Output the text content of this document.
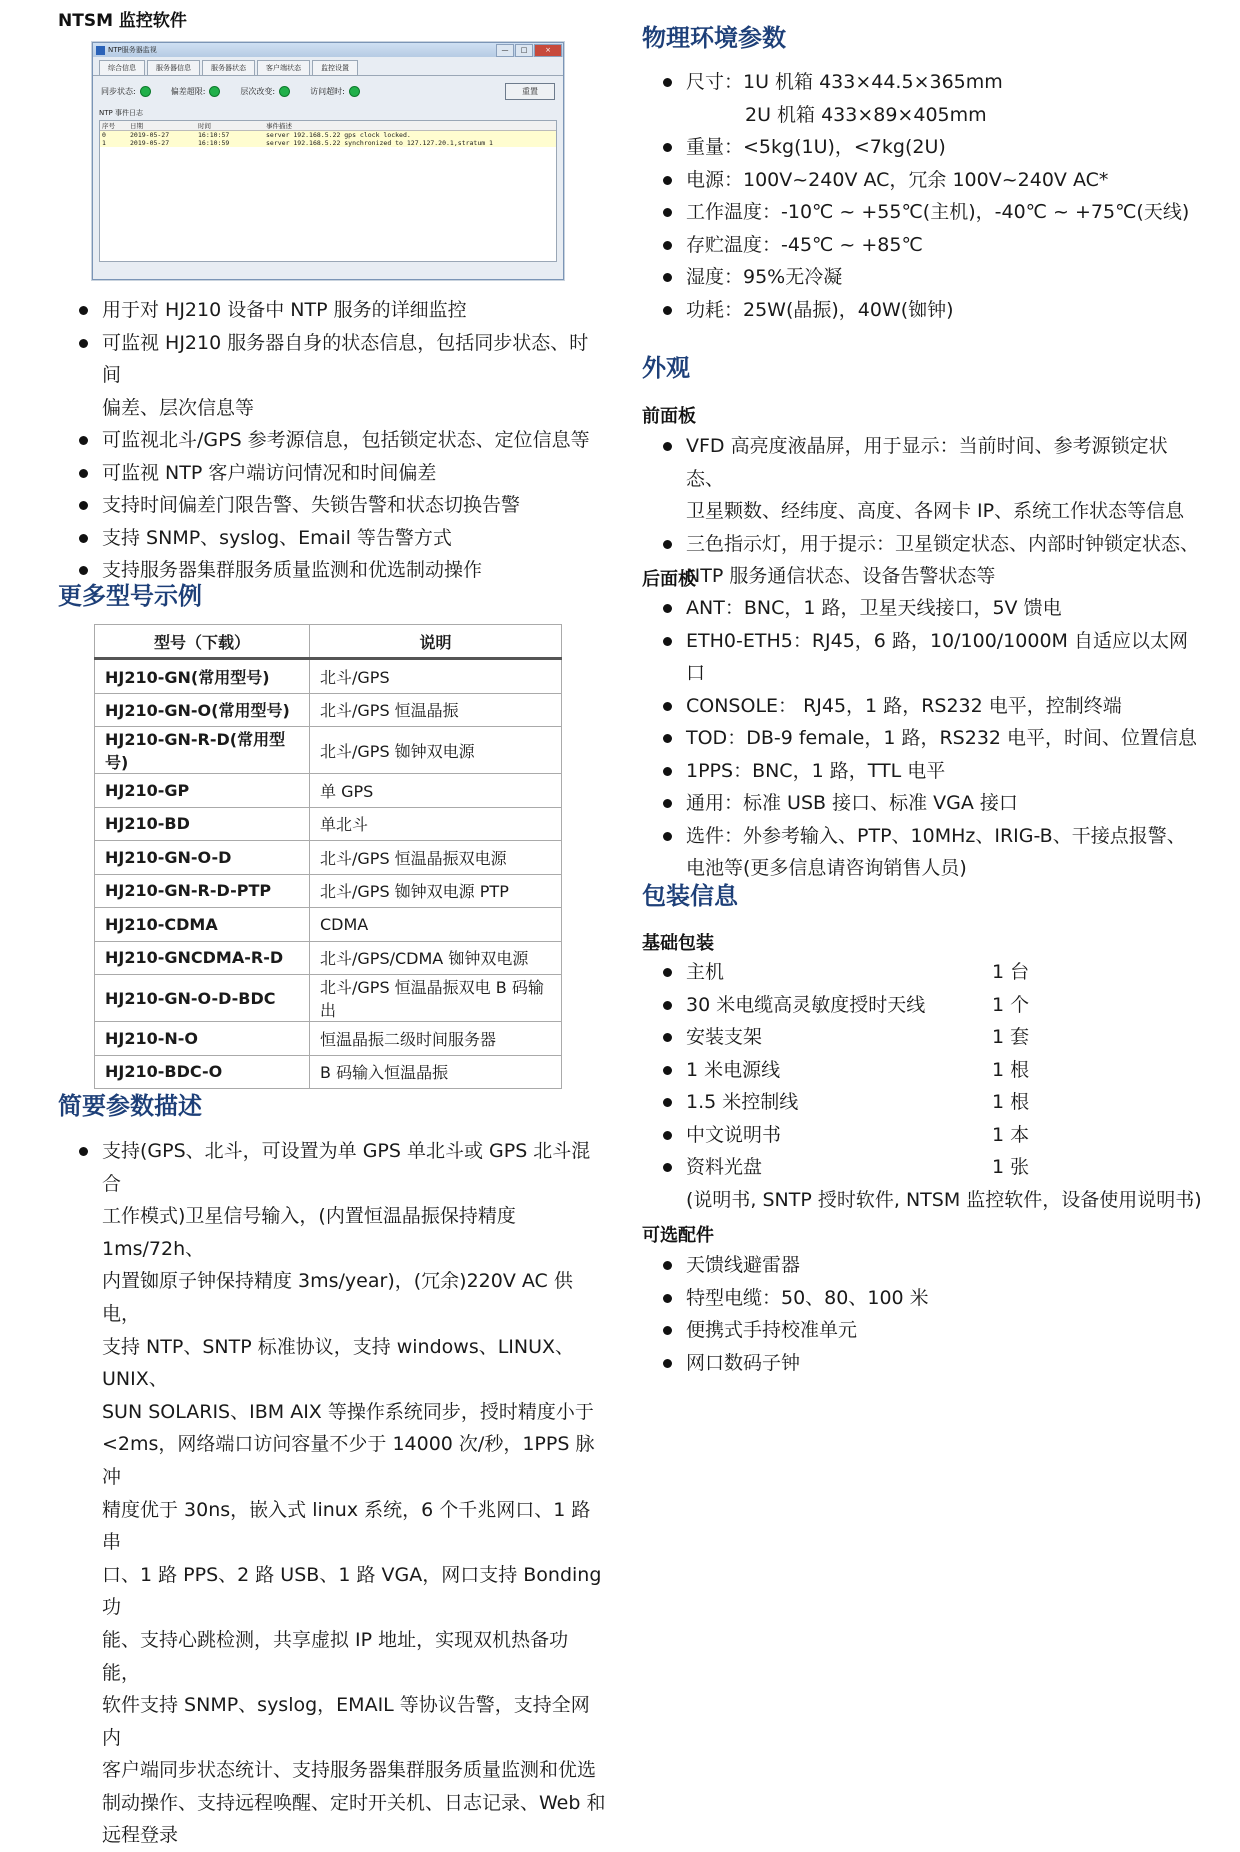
NTSM 监控软件
NTP服务器监视	—	□	×
综合信息	服务器信息	服务器状态	客户端状态	监控设置
同步状态:	偏差超限:	层次改变:	访问超时:	重置
NTP 事件日志
序号	日期	时间	事件描述
0	2019-05-27	16:10:57	server 192.168.5.22 gps clock locked.
1	2019-05-27	16:10:59	server 192.168.5.22 synchronized to 127.127.20.1,stratum 1
用于对 HJ210 设备中 NTP 服务的详细监控
可监视 HJ210 服务器自身的状态信息，包括同步状态、时间
偏差、层次信息等
可监视北斗/GPS 参考源信息，包括锁定状态、定位信息等
可监视 NTP 客户端访问情况和时间偏差
支持时间偏差门限告警、失锁告警和状态切换告警
支持 SNMP、syslog、Email 等告警方式
支持服务器集群服务质量监测和优选制动操作
更多型号示例
型号（下载）	说明
HJ210-GN(常用型号)	北斗/GPS
HJ210-GN-O(常用型号)	北斗/GPS 恒温晶振
HJ210-GN-R-D(常用型号)	北斗/GPS 铷钟双电源
HJ210-GP	单 GPS
HJ210-BD	单北斗
HJ210-GN-O-D	北斗/GPS 恒温晶振双电源
HJ210-GN-R-D-PTP	北斗/GPS 铷钟双电源 PTP
HJ210-CDMA	CDMA
HJ210-GNCDMA-R-D	北斗/GPS/CDMA 铷钟双电源
HJ210-GN-O-D-BDC	北斗/GPS 恒温晶振双电 B 码输出
HJ210-N-O	恒温晶振二级时间服务器
HJ210-BDC-O	B 码输入恒温晶振
简要参数描述
支持(GPS、北斗，可设置为单 GPS 单北斗或 GPS 北斗混合
工作模式)卫星信号输入，(内置恒温晶振保持精度 1ms/72h、
内置铷原子钟保持精度 3ms/year)，(冗余)220V AC 供电，
支持 NTP、SNTP 标准协议，支持 windows、LINUX、UNIX、
SUN SOLARIS、IBM AIX 等操作系统同步，授时精度小于
<2ms，网络端口访问容量不少于 14000 次/秒，1PPS 脉冲
精度优于 30ns，嵌入式 linux 系统，6 个千兆网口、1 路串
口、1 路 PPS、2 路 USB、1 路 VGA，网口支持 Bonding 功
能、支持心跳检测，共享虚拟 IP 地址，实现双机热备功能，
软件支持 SNMP、syslog，EMAIL 等协议告警，支持全网内
客户端同步状态统计、支持服务器集群服务质量监测和优选
制动操作、支持远程唤醒、定时开关机、日志记录、Web 和
远程登录
物理环境参数
尺寸：1U 机箱 433×44.5×365mm
2U 机箱 433×89×405mm
重量：<5kg(1U)，<7kg(2U)
电源：100V~240V AC，冗余 100V~240V AC*
工作温度：-10℃ ~ +55℃(主机)，-40℃ ~ +75℃(天线)
存贮温度：-45℃ ~ +85℃
湿度：95%无冷凝
功耗：25W(晶振)，40W(铷钟)
外观
前面板
VFD 高亮度液晶屏，用于显示：当前时间、参考源锁定状态、
卫星颗数、经纬度、高度、各网卡 IP、系统工作状态等信息
三色指示灯，用于提示：卫星锁定状态、内部时钟锁定状态、
NTP 服务通信状态、设备告警状态等
后面板
ANT：BNC，1 路，卫星天线接口，5V 馈电
ETH0-ETH5：RJ45，6 路，10/100/1000M 自适应以太网口
CONSOLE： RJ45，1 路，RS232 电平，控制终端
TOD：DB-9 female，1 路，RS232 电平，时间、位置信息
1PPS：BNC，1 路，TTL 电平
通用：标准 USB 接口、标准 VGA 接口
选件：外参考输入、PTP、10MHz、IRIG-B、干接点报警、
电池等(更多信息请咨询销售人员)
包装信息
基础包装
主机	1 台
30 米电缆高灵敏度授时天线	1 个
安装支架	1 套
1 米电源线	1 根
1.5 米控制线	1 根
中文说明书	1 本
资料光盘	1 张
(说明书, SNTP 授时软件, NTSM 监控软件，设备使用说明书)
可选配件
天馈线避雷器
特型电缆：50、80、100 米
便携式手持校准单元
网口数码子钟
